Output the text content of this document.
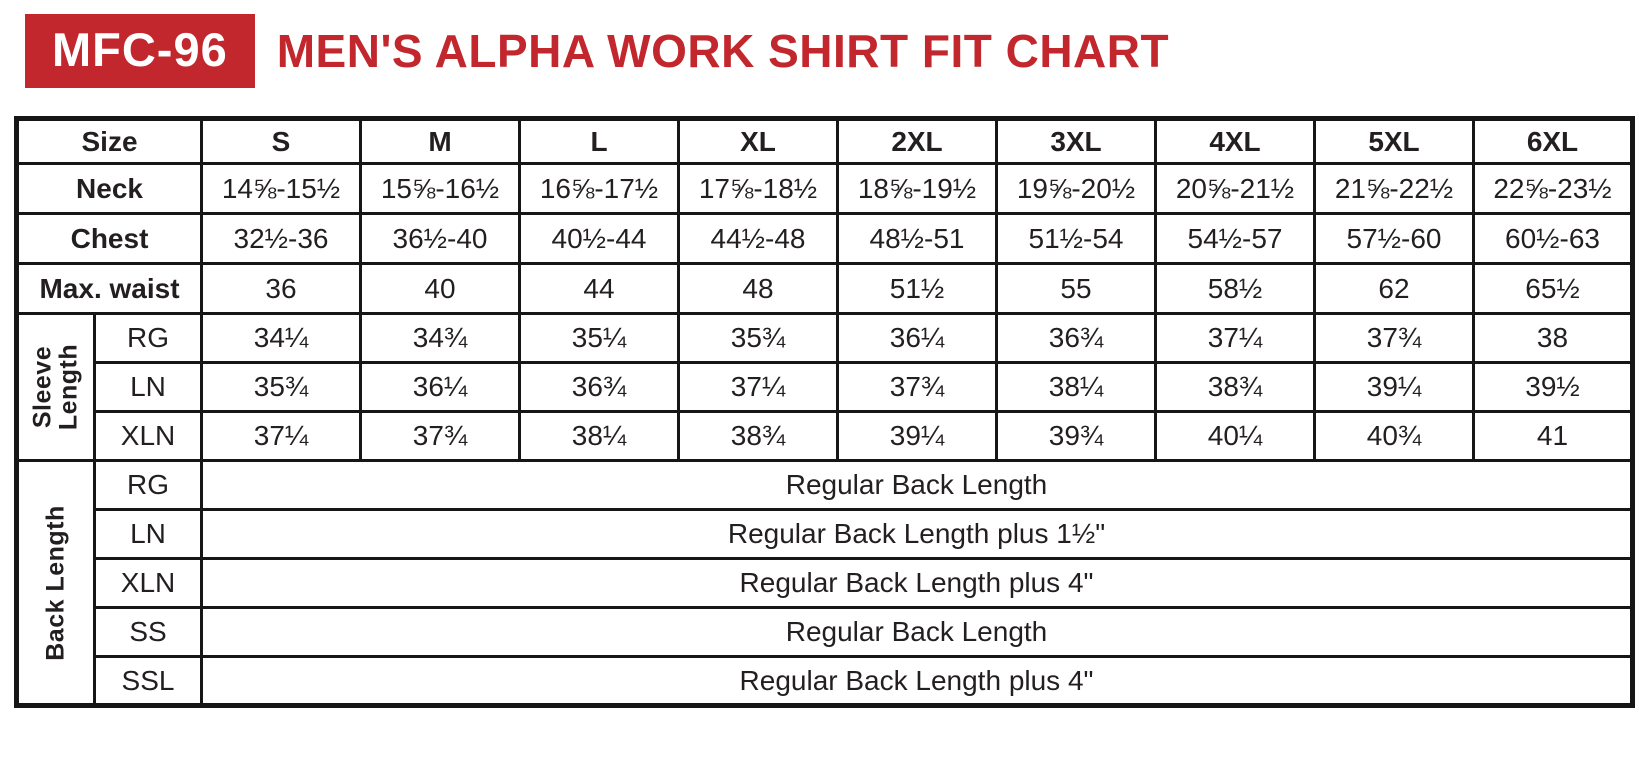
MFC-96	MEN'S ALPHA WORK SHIRT FIT CHART
Size		S	M	L	XL	2XL	3XL	4XL	5XL	6XL
Neck		14⅝-15½	15⅝-16½	16⅝-17½	17⅝-18½	18⅝-19½	19⅝-20½	20⅝-21½	21⅝-22½	22⅝-23½
Chest		32½-36	36½-40	40½-44	44½-48	48½-51	51½-54	54½-57	57½-60	60½-63
Max. waist		36	40	44	48	51½	55	58½	62	65½

Sleeve Length	RG	34¼	34¾	35¼	35¾	36¼	36¾	37¼	37¾	38
	LN	35¾	36¼	36¾	37¼	37¾	38¼	38¾	39¼	39½
	XLN	37¼	37¾	38¼	38¾	39¼	39¾	40¼	40¾	41

Back Length	RG	Regular Back Length								
	LN	Regular Back Length plus 1½"								
	XLN	Regular Back Length plus 4"								
	SS	Regular Back Length								
	SSL	Regular Back Length plus 4"								
